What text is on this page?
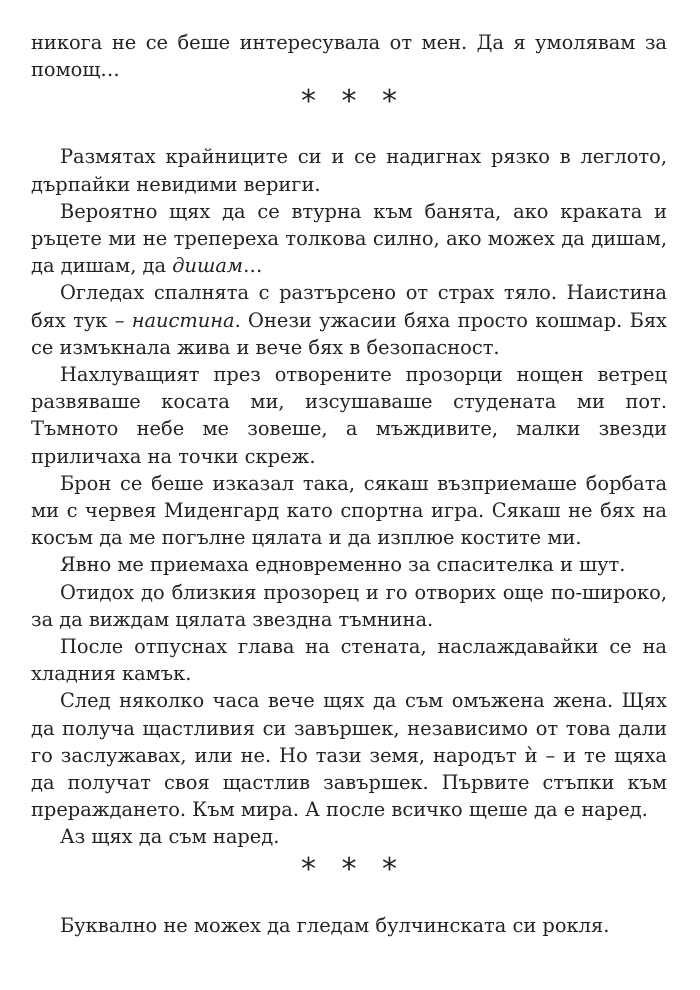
никога не се беше интересувала от мен. Да я умолявам за помощ…

* * *

Размятах крайниците си и се надигнах рязко в леглото, дърпайки невидими вериги.

Вероятно щях да се втурна към банята, ако краката и ръцете ми не трепереха толкова силно, ако можех да дишам, да дишам, да дишам…

Огледах спалнята с разтърсено от страх тяло. Наистина бях тук – наистина. Онези ужасии бяха просто кошмар. Бях се измъкнала жива и вече бях в безопасност.

Нахлуващият през отворените прозорци нощен ветрец развяваше косата ми, изсушаваше студената ми пот. Тъмното небе ме зовеше, а мъждивите, малки звезди приличаха на точки скреж.

Брон се беше изказал така, сякаш възприемаше борбата ми с червея Миденгард като спортна игра. Сякаш не бях на косъм да ме погълне цялата и да изплюе костите ми.

Явно ме приемаха едновременно за спасителка и шут.

Отидох до близкия прозорец и го отворих още по-широко, за да виждам цялата звездна тъмнина.

После отпуснах глава на стената, наслаждавайки се на хладния камък.

След няколко часа вече щях да съм омъжена жена. Щях да получа щастливия си завършек, независимо от това дали го заслужавах, или не. Но тази земя, народът ѝ – и те щяха да получат своя щастлив завършек. Първите стъпки към прераждането. Към мира. А после всичко щеше да е наред.

Аз щях да съм наред.

* * *

Буквално не можех да гледам булчинската си рокля.
